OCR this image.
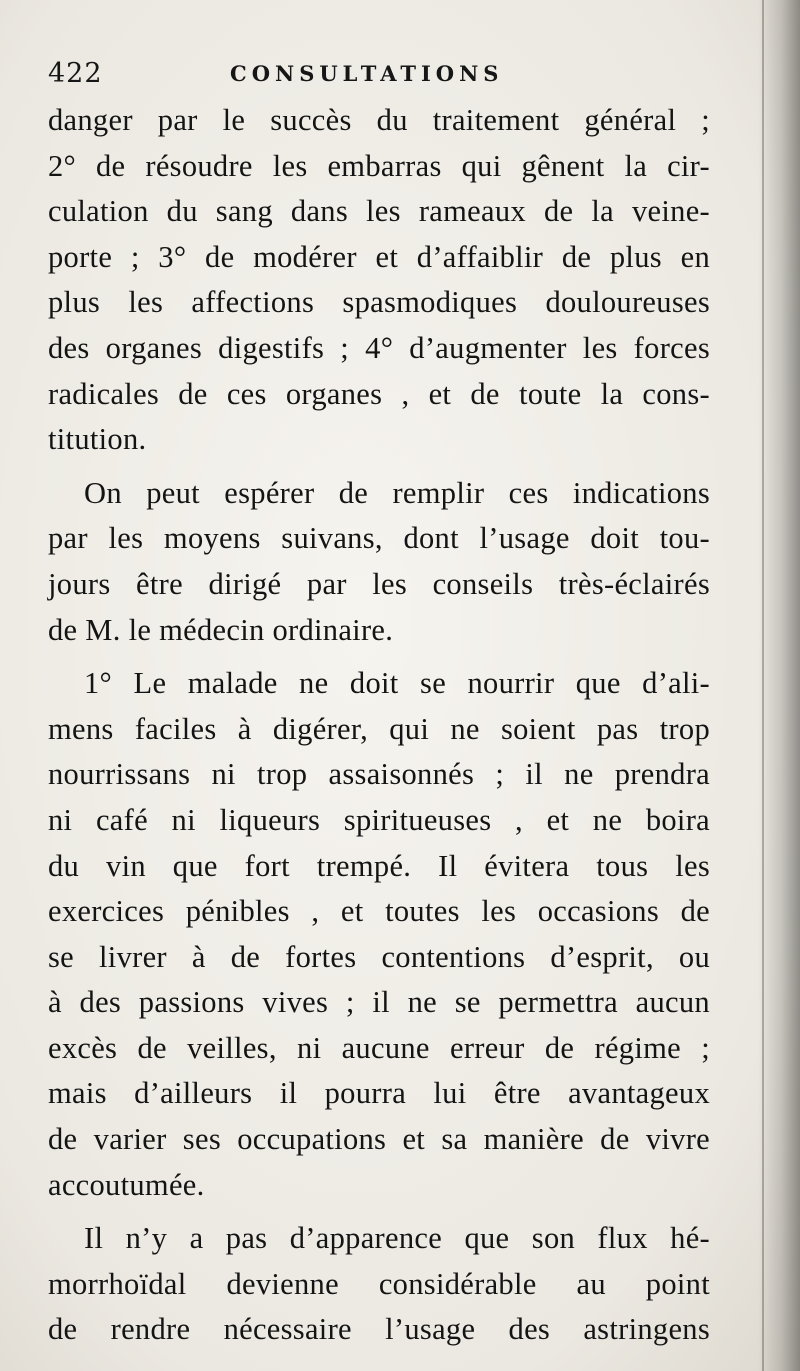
422	CONSULTATIONS
danger par le succès du traitement général ;
2° de résoudre les embarras qui gênent la cir-
culation du sang dans les rameaux de la veine-
porte ; 3° de modérer et d’affaiblir de plus en
plus les affections spasmodiques douloureuses
des organes digestifs ; 4° d’augmenter les forces
radicales de ces organes , et de toute la cons-
titution.
On peut espérer de remplir ces indications
par les moyens suivans, dont l’usage doit tou-
jours être dirigé par les conseils très-éclairés
de M. le médecin ordinaire.
1° Le malade ne doit se nourrir que d’ali-
mens faciles à digérer, qui ne soient pas trop
nourrissans ni trop assaisonnés ; il ne prendra
ni café ni liqueurs spiritueuses , et ne boira
du vin que fort trempé. Il évitera tous les
exercices pénibles , et toutes les occasions de
se livrer à de fortes contentions d’esprit, ou
à des passions vives ; il ne se permettra aucun
excès de veilles, ni aucune erreur de régime ;
mais d’ailleurs il pourra lui être avantageux
de varier ses occupations et sa manière de vivre
accoutumée.
Il n’y a pas d’apparence que son flux hé-
morrhoïdal devienne considérable au point
de rendre nécessaire l’usage des astringens
